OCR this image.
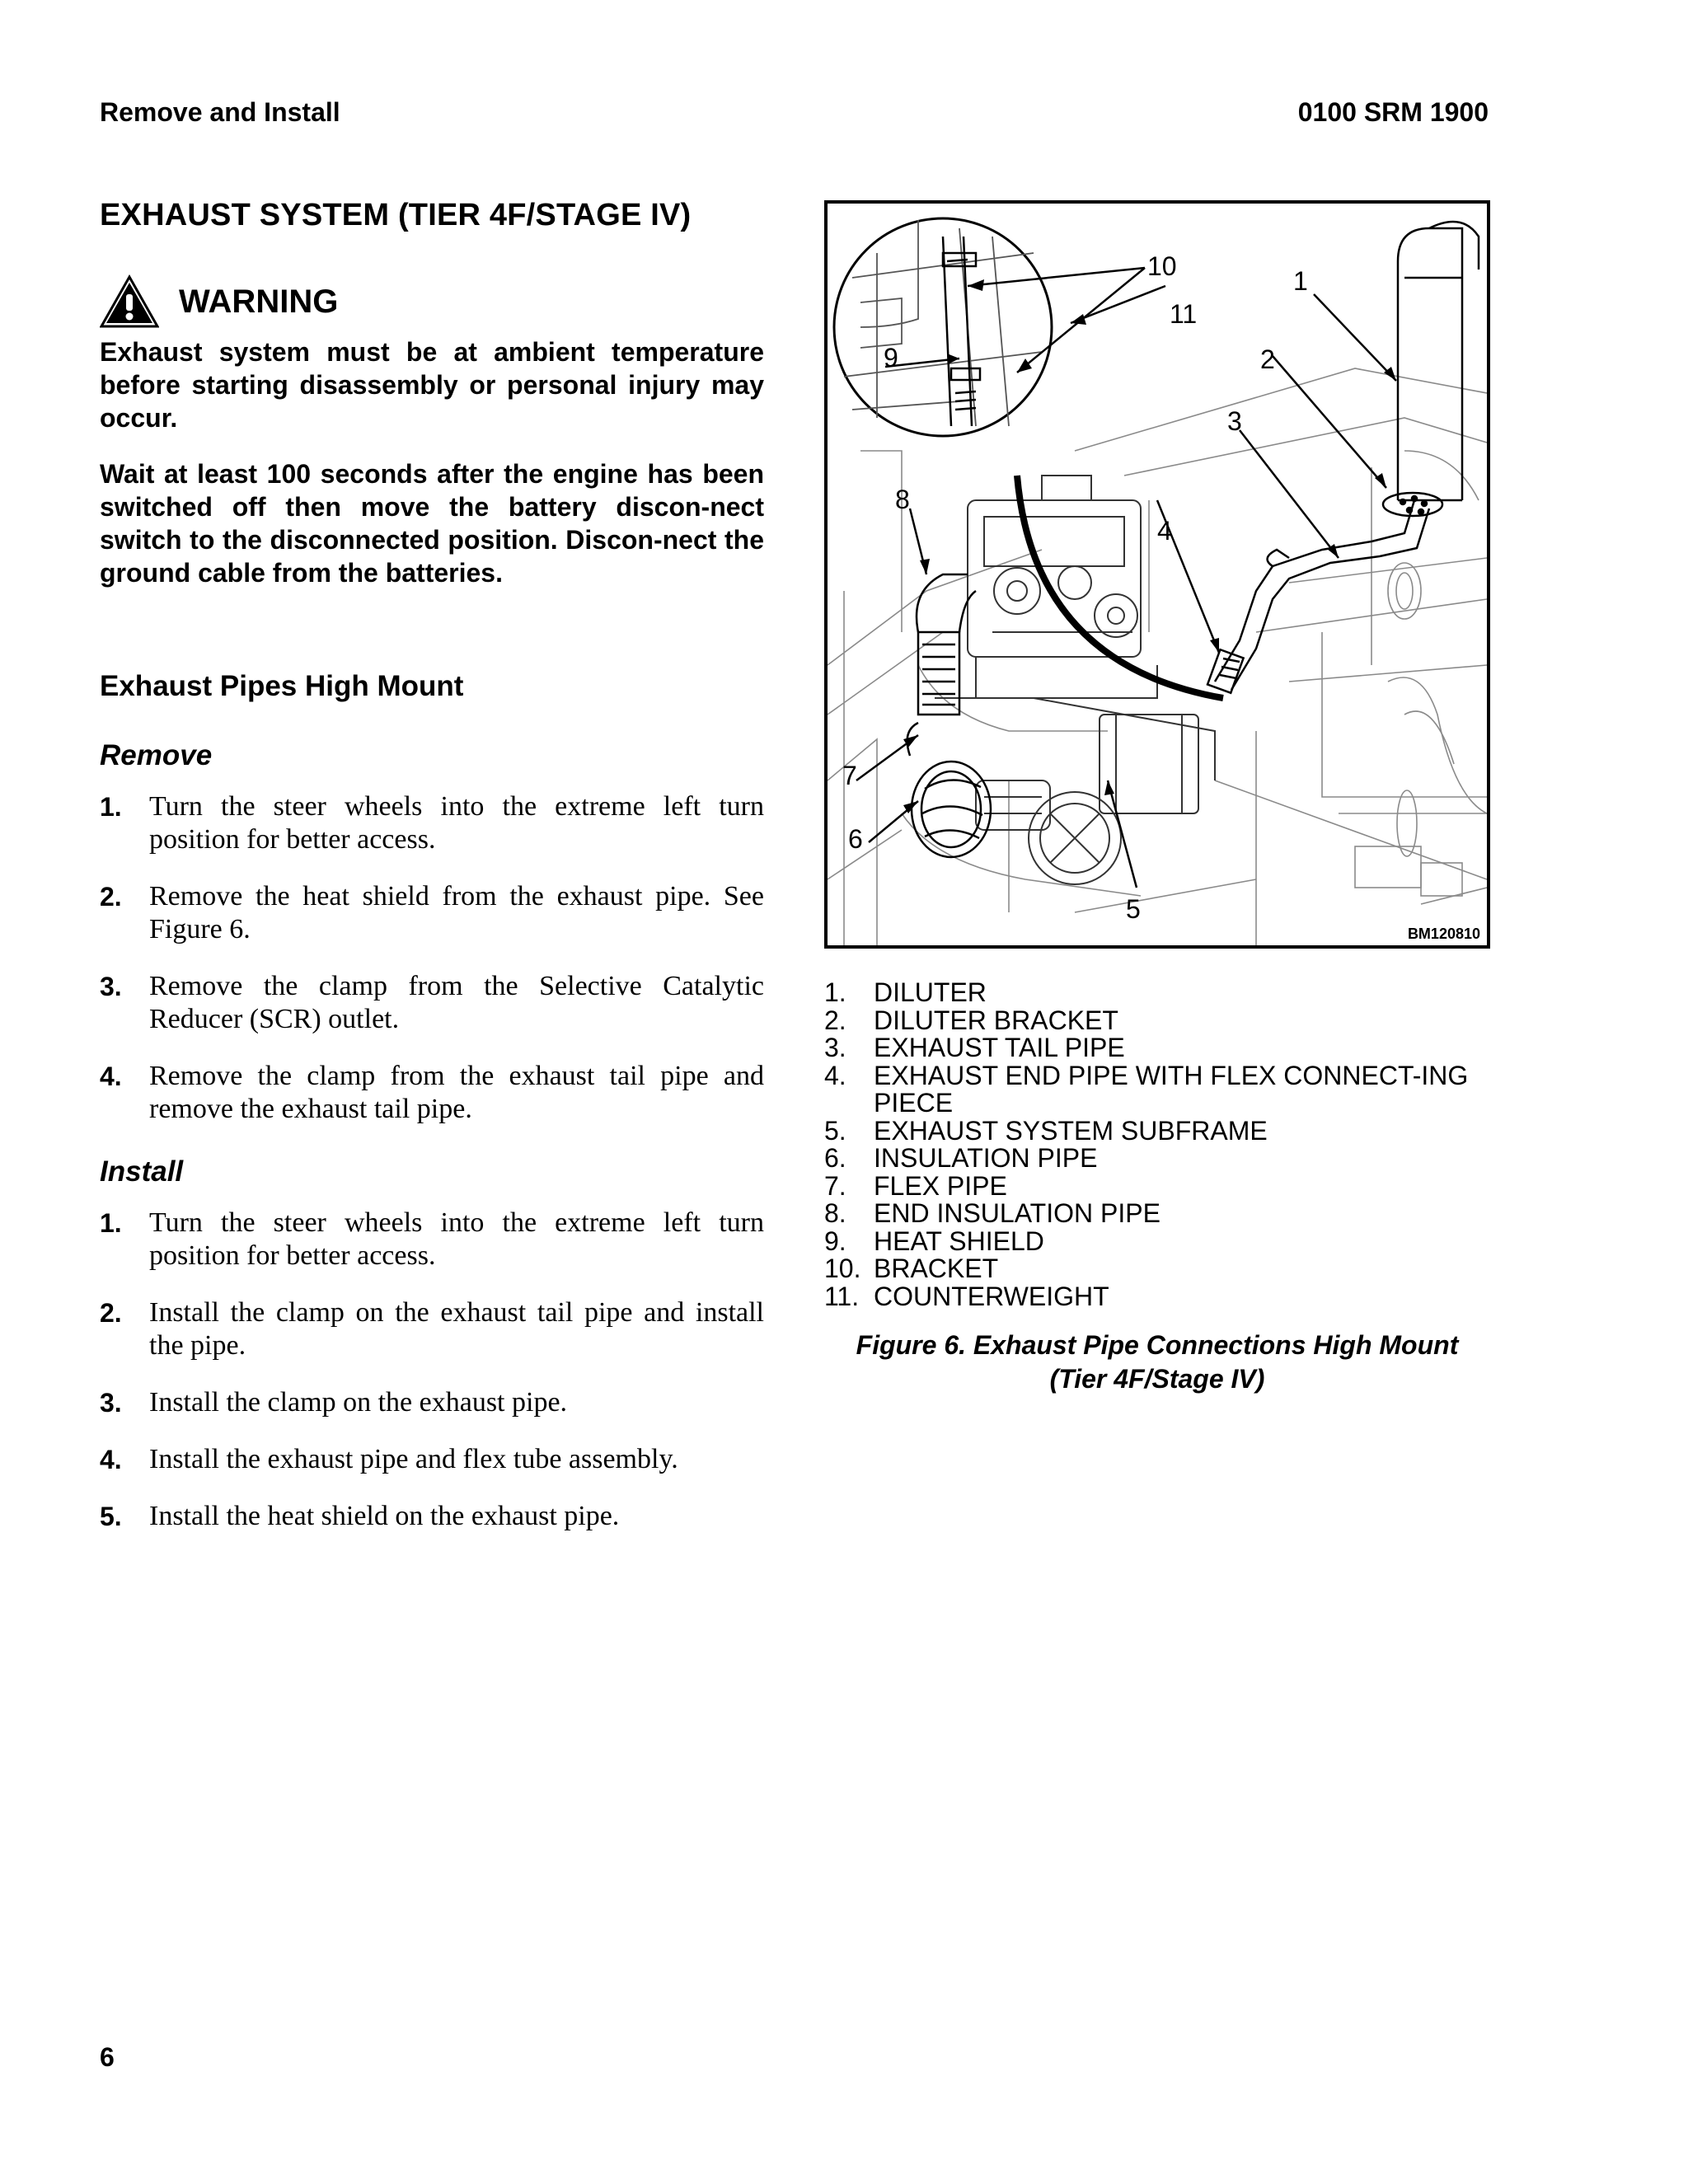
Remove and Install	0100 SRM 1900
EXHAUST SYSTEM (TIER 4F/STAGE IV)
WARNING

Exhaust system must be at ambient temperature before starting disassembly or personal injury may occur.

Wait at least 100 seconds after the engine has been switched off then move the battery discon-nect switch to the disconnected position. Discon-nect the ground cable from the batteries.

Exhaust Pipes High Mount
Remove
1. Turn the steer wheels into the extreme left turn position for better access.
2. Remove the heat shield from the exhaust pipe. See Figure 6.
3. Remove the clamp from the Selective Catalytic Reducer (SCR) outlet.
4. Remove the clamp from the exhaust tail pipe and remove the exhaust tail pipe.
Install
1. Turn the steer wheels into the extreme left turn position for better access.
2. Install the clamp on the exhaust tail pipe and install the pipe.
3. Install the clamp on the exhaust pipe.
4. Install the exhaust pipe and flex tube assembly.
5. Install the heat shield on the exhaust pipe.
10
11
9
1
2
3
4
8
7
6
5
BM120810
1.	DILUTER
2.	DILUTER BRACKET
3.	EXHAUST TAIL PIPE
4.	EXHAUST END PIPE WITH FLEX CONNECT-ING PIECE
5.	EXHAUST SYSTEM SUBFRAME
6.	INSULATION PIPE
7.	FLEX PIPE
8.	END INSULATION PIPE
9.	HEAT SHIELD
10. BRACKET
11. COUNTERWEIGHT
Figure 6. Exhaust Pipe Connections High Mount
(Tier 4F/Stage IV)
6
